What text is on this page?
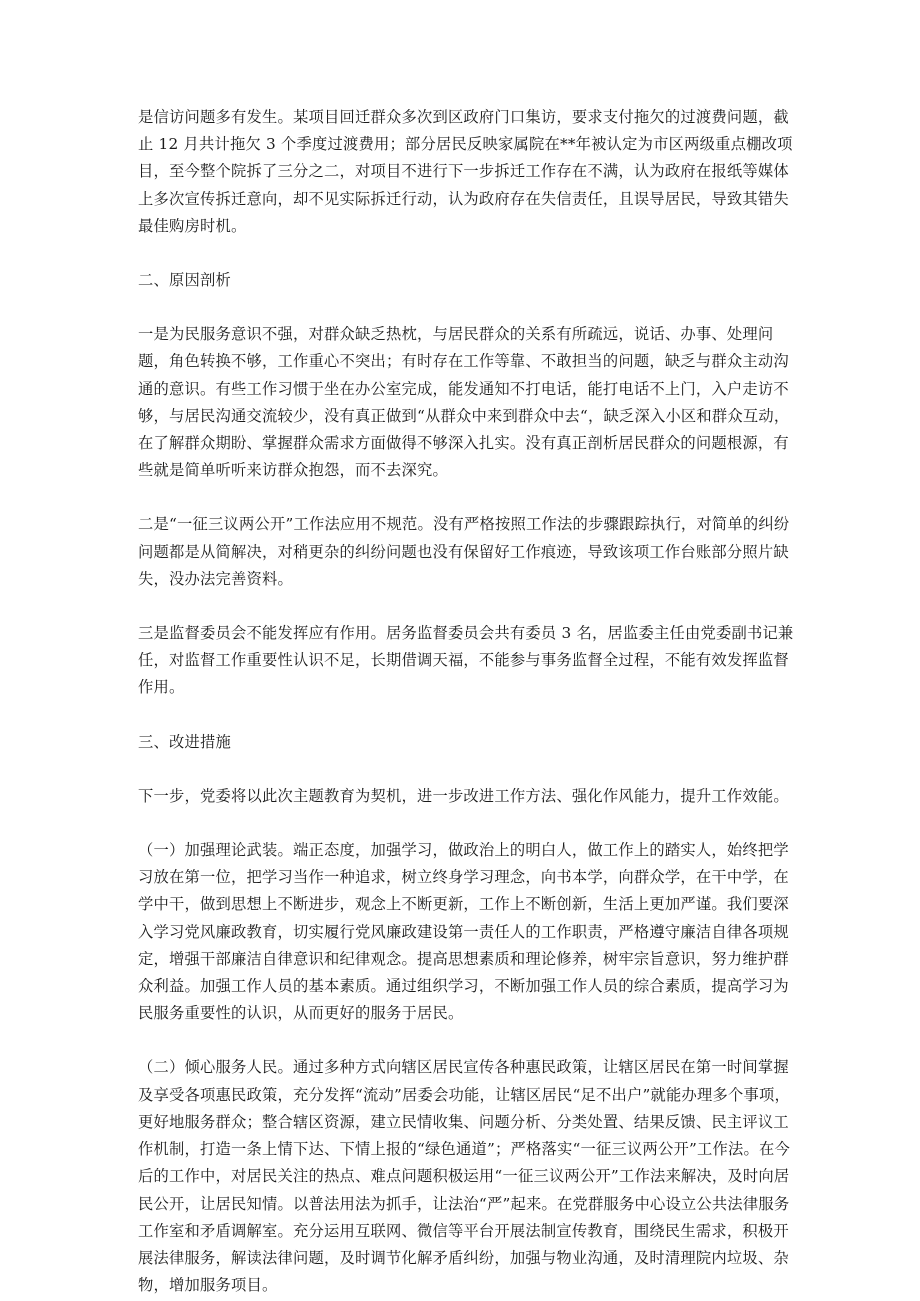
是信访问题多有发生。某项目回迁群众多次到区政府门口集访，要求支付拖欠的过渡费问题，截止 12 月共计拖欠 3 个季度过渡费用；部分居民反映家属院在**年被认定为市区两级重点棚改项目，至今整个院拆了三分之二，对项目不进行下一步拆迁工作存在不满，认为政府在报纸等媒体上多次宣传拆迁意向，却不见实际拆迁行动，认为政府存在失信责任，且误导居民，导致其错失最佳购房时机。

二、原因剖析

一是为民服务意识不强，对群众缺乏热枕，与居民群众的关系有所疏远，说话、办事、处理问题，角色转换不够，工作重心不突出；有时存在工作等靠、不敢担当的问题，缺乏与群众主动沟通的意识。有些工作习惯于坐在办公室完成，能发通知不打电话，能打电话不上门，入户走访不够，与居民沟通交流较少，没有真正做到“从群众中来到群众中去“，缺乏深入小区和群众互动，在了解群众期盼、掌握群众需求方面做得不够深入扎实。没有真正剖析居民群众的问题根源，有些就是简单听听来访群众抱怨，而不去深究。

二是“一征三议两公开”工作法应用不规范。没有严格按照工作法的步骤跟踪执行，对简单的纠纷问题都是从简解决，对稍更杂的纠纷问题也没有保留好工作痕迹，导致该项工作台账部分照片缺失，没办法完善资料。

三是监督委员会不能发挥应有作用。居务监督委员会共有委员 3 名，居监委主任由党委副书记兼任，对监督工作重要性认识不足，长期借调天福，不能参与事务监督全过程，不能有效发挥监督作用。

三、改进措施

下一步，党委将以此次主题教育为契机，进一步改进工作方法、强化作风能力，提升工作效能。

（一）加强理论武装。端正态度，加强学习，做政治上的明白人，做工作上的踏实人，始终把学习放在第一位，把学习当作一种追求，树立终身学习理念，向书本学，向群众学，在干中学，在学中干，做到思想上不断进步，观念上不断更新，工作上不断创新，生活上更加严谨。我们要深入学习党风廉政教育，切实履行党风廉政建设第一责任人的工作职责，严格遵守廉洁自律各项规定，增强干部廉洁自律意识和纪律观念。提高思想素质和理论修养，树牢宗旨意识，努力维护群众利益。加强工作人员的基本素质。通过组织学习，不断加强工作人员的综合素质，提高学习为民服务重要性的认识，从而更好的服务于居民。

（二）倾心服务人民。通过多种方式向辖区居民宣传各种惠民政策，让辖区居民在第一时间掌握及享受各项惠民政策，充分发挥“流动”居委会功能，让辖区居民“足不出户”就能办理多个事项，更好地服务群众；整合辖区资源，建立民情收集、问题分析、分类处置、结果反馈、民主评议工作机制，打造一条上情下达、下情上报的“绿色通道”；严格落实“一征三议两公开”工作法。在今后的工作中，对居民关注的热点、难点问题积极运用“一征三议两公开”工作法来解决，及时向居民公开，让居民知情。以普法用法为抓手，让法治“严”起来。在党群服务中心设立公共法律服务工作室和矛盾调解室。充分运用互联网、微信等平台开展法制宣传教育，围绕民生需求，积极开展法律服务，解读法律问题，及时调节化解矛盾纠纷，加强与物业沟通，及时清理院内垃圾、杂物，增加服务项目。
